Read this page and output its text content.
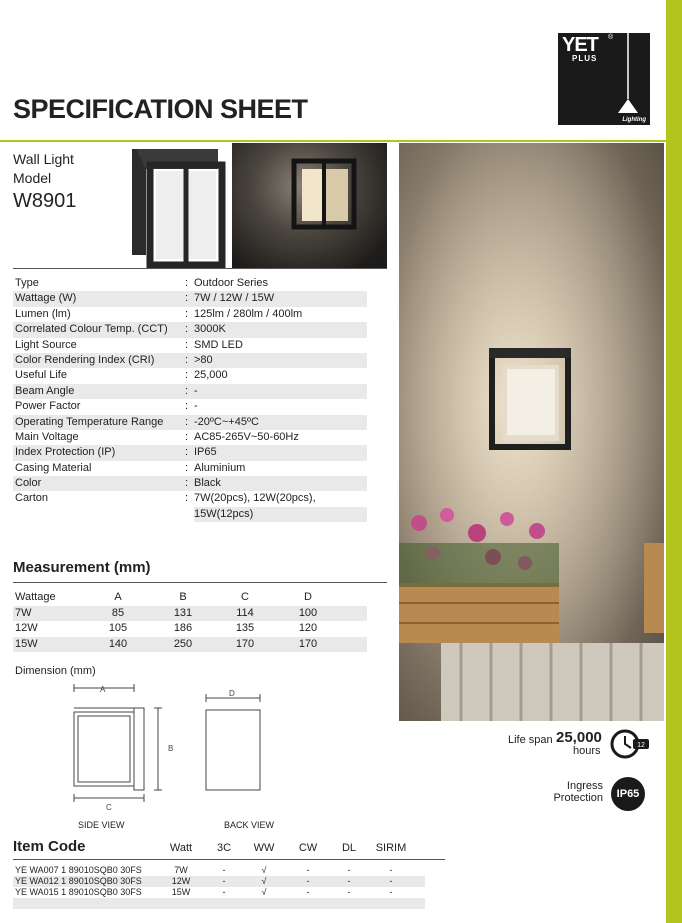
YET ®
PLUS
Lighting
SPECIFICATION SHEET
Wall Light
Model
W8901
Type	: Outdoor Series
Wattage (W)	: 7W / 12W / 15W
Lumen (lm)	: 125lm / 280lm / 400lm
Correlated Colour Temp. (CCT) : 3000K
Light Source	: SMD LED
Color Rendering Index (CRI)	: >80
Useful Life	: 25,000
Beam Angle	: -
Power Factor	: -
Operating Temperature Range : -20ºC~+45ºC
Main Voltage	: AC85-265V~50-60Hz
Index Protection (IP)	: IP65
Casing Material	: Aluminium
Color	: Black
Carton	: 7W(20pcs), 12W(20pcs),
15W(12pcs)
Measurement (mm)
Wattage	A	B	C	D
7W	85	131	114	100
12W	105	186	135	120
15W	140	250	170	170
Dimension (mm)
A
B
C
D
SIDE VIEW	BACK VIEW
Life span 25,000
hours	12
Ingress
Protection	IP65
Item Code	Watt	3C	WW	CW	DL	SIRIM
YE WA007 1 89010SQB0 30FS	7W	-	√	-	-	-
YE WA012 1 89010SQB0 30FS	12W	-	√	-	-	-
YE WA015 1 89010SQB0 30FS	15W	-	√	-	-	-
